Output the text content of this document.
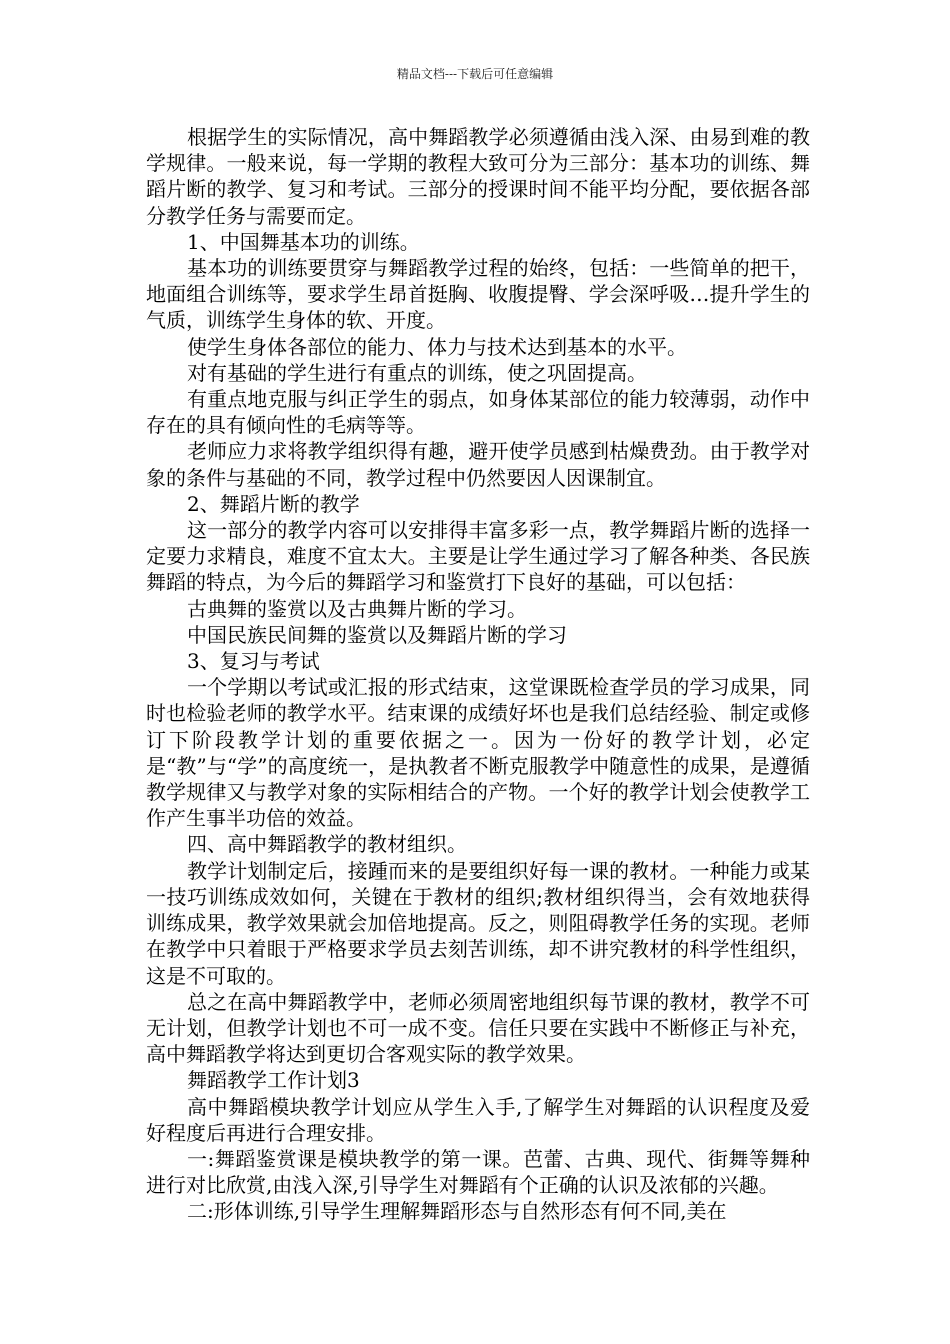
精品文档---下载后可任意编辑

根据学生的实际情况，高中舞蹈教学必须遵循由浅入深、由易到难的教学规律。一般来说，每一学期的教程大致可分为三部分：基本功的训练、舞蹈片断的教学、复习和考试。三部分的授课时间不能平均分配，要依据各部分教学任务与需要而定。

1、中国舞基本功的训练。

基本功的训练要贯穿与舞蹈教学过程的始终，包括：一些简单的把干，地面组合训练等，要求学生昂首挺胸、收腹提臀、学会深呼吸…提升学生的气质，训练学生身体的软、开度。

使学生身体各部位的能力、体力与技术达到基本的水平。

对有基础的学生进行有重点的训练，使之巩固提高。

有重点地克服与纠正学生的弱点，如身体某部位的能力较薄弱，动作中存在的具有倾向性的毛病等等。

老师应力求将教学组织得有趣，避开使学员感到枯燥费劲。由于教学对象的条件与基础的不同，教学过程中仍然要因人因课制宜。

2、舞蹈片断的教学

这一部分的教学内容可以安排得丰富多彩一点，教学舞蹈片断的选择一定要力求精良，难度不宜太大。主要是让学生通过学习了解各种类、各民族舞蹈的特点，为今后的舞蹈学习和鉴赏打下良好的基础，可以包括：

古典舞的鉴赏以及古典舞片断的学习。

中国民族民间舞的鉴赏以及舞蹈片断的学习

3、复习与考试

一个学期以考试或汇报的形式结束，这堂课既检查学员的学习成果，同时也检验老师的教学水平。结束课的成绩好坏也是我们总结经验、制定或修订下阶段教学计划的重要依据之一。因为一份好的教学计划，必定是“教”与“学”的高度统一，是执教者不断克服教学中随意性的成果，是遵循教学规律又与教学对象的实际相结合的产物。一个好的教学计划会使教学工作产生事半功倍的效益。

四、高中舞蹈教学的教材组织。

教学计划制定后，接踵而来的是要组织好每一课的教材。一种能力或某一技巧训练成效如何，关键在于教材的组织;教材组织得当，会有效地获得训练成果，教学效果就会加倍地提高。反之，则阻碍教学任务的实现。老师在教学中只着眼于严格要求学员去刻苦训练，却不讲究教材的科学性组织，这是不可取的。

总之在高中舞蹈教学中，老师必须周密地组织每节课的教材，教学不可无计划，但教学计划也不可一成不变。信任只要在实践中不断修正与补充，高中舞蹈教学将达到更切合客观实际的教学效果。

舞蹈教学工作计划3

高中舞蹈模块教学计划应从学生入手,了解学生对舞蹈的认识程度及爱好程度后再进行合理安排。

一:舞蹈鉴赏课是模块教学的第一课。芭蕾、古典、现代、街舞等舞种进行对比欣赏,由浅入深,引导学生对舞蹈有个正确的认识及浓郁的兴趣。

二:形体训练,引导学生理解舞蹈形态与自然形态有何不同,美在
